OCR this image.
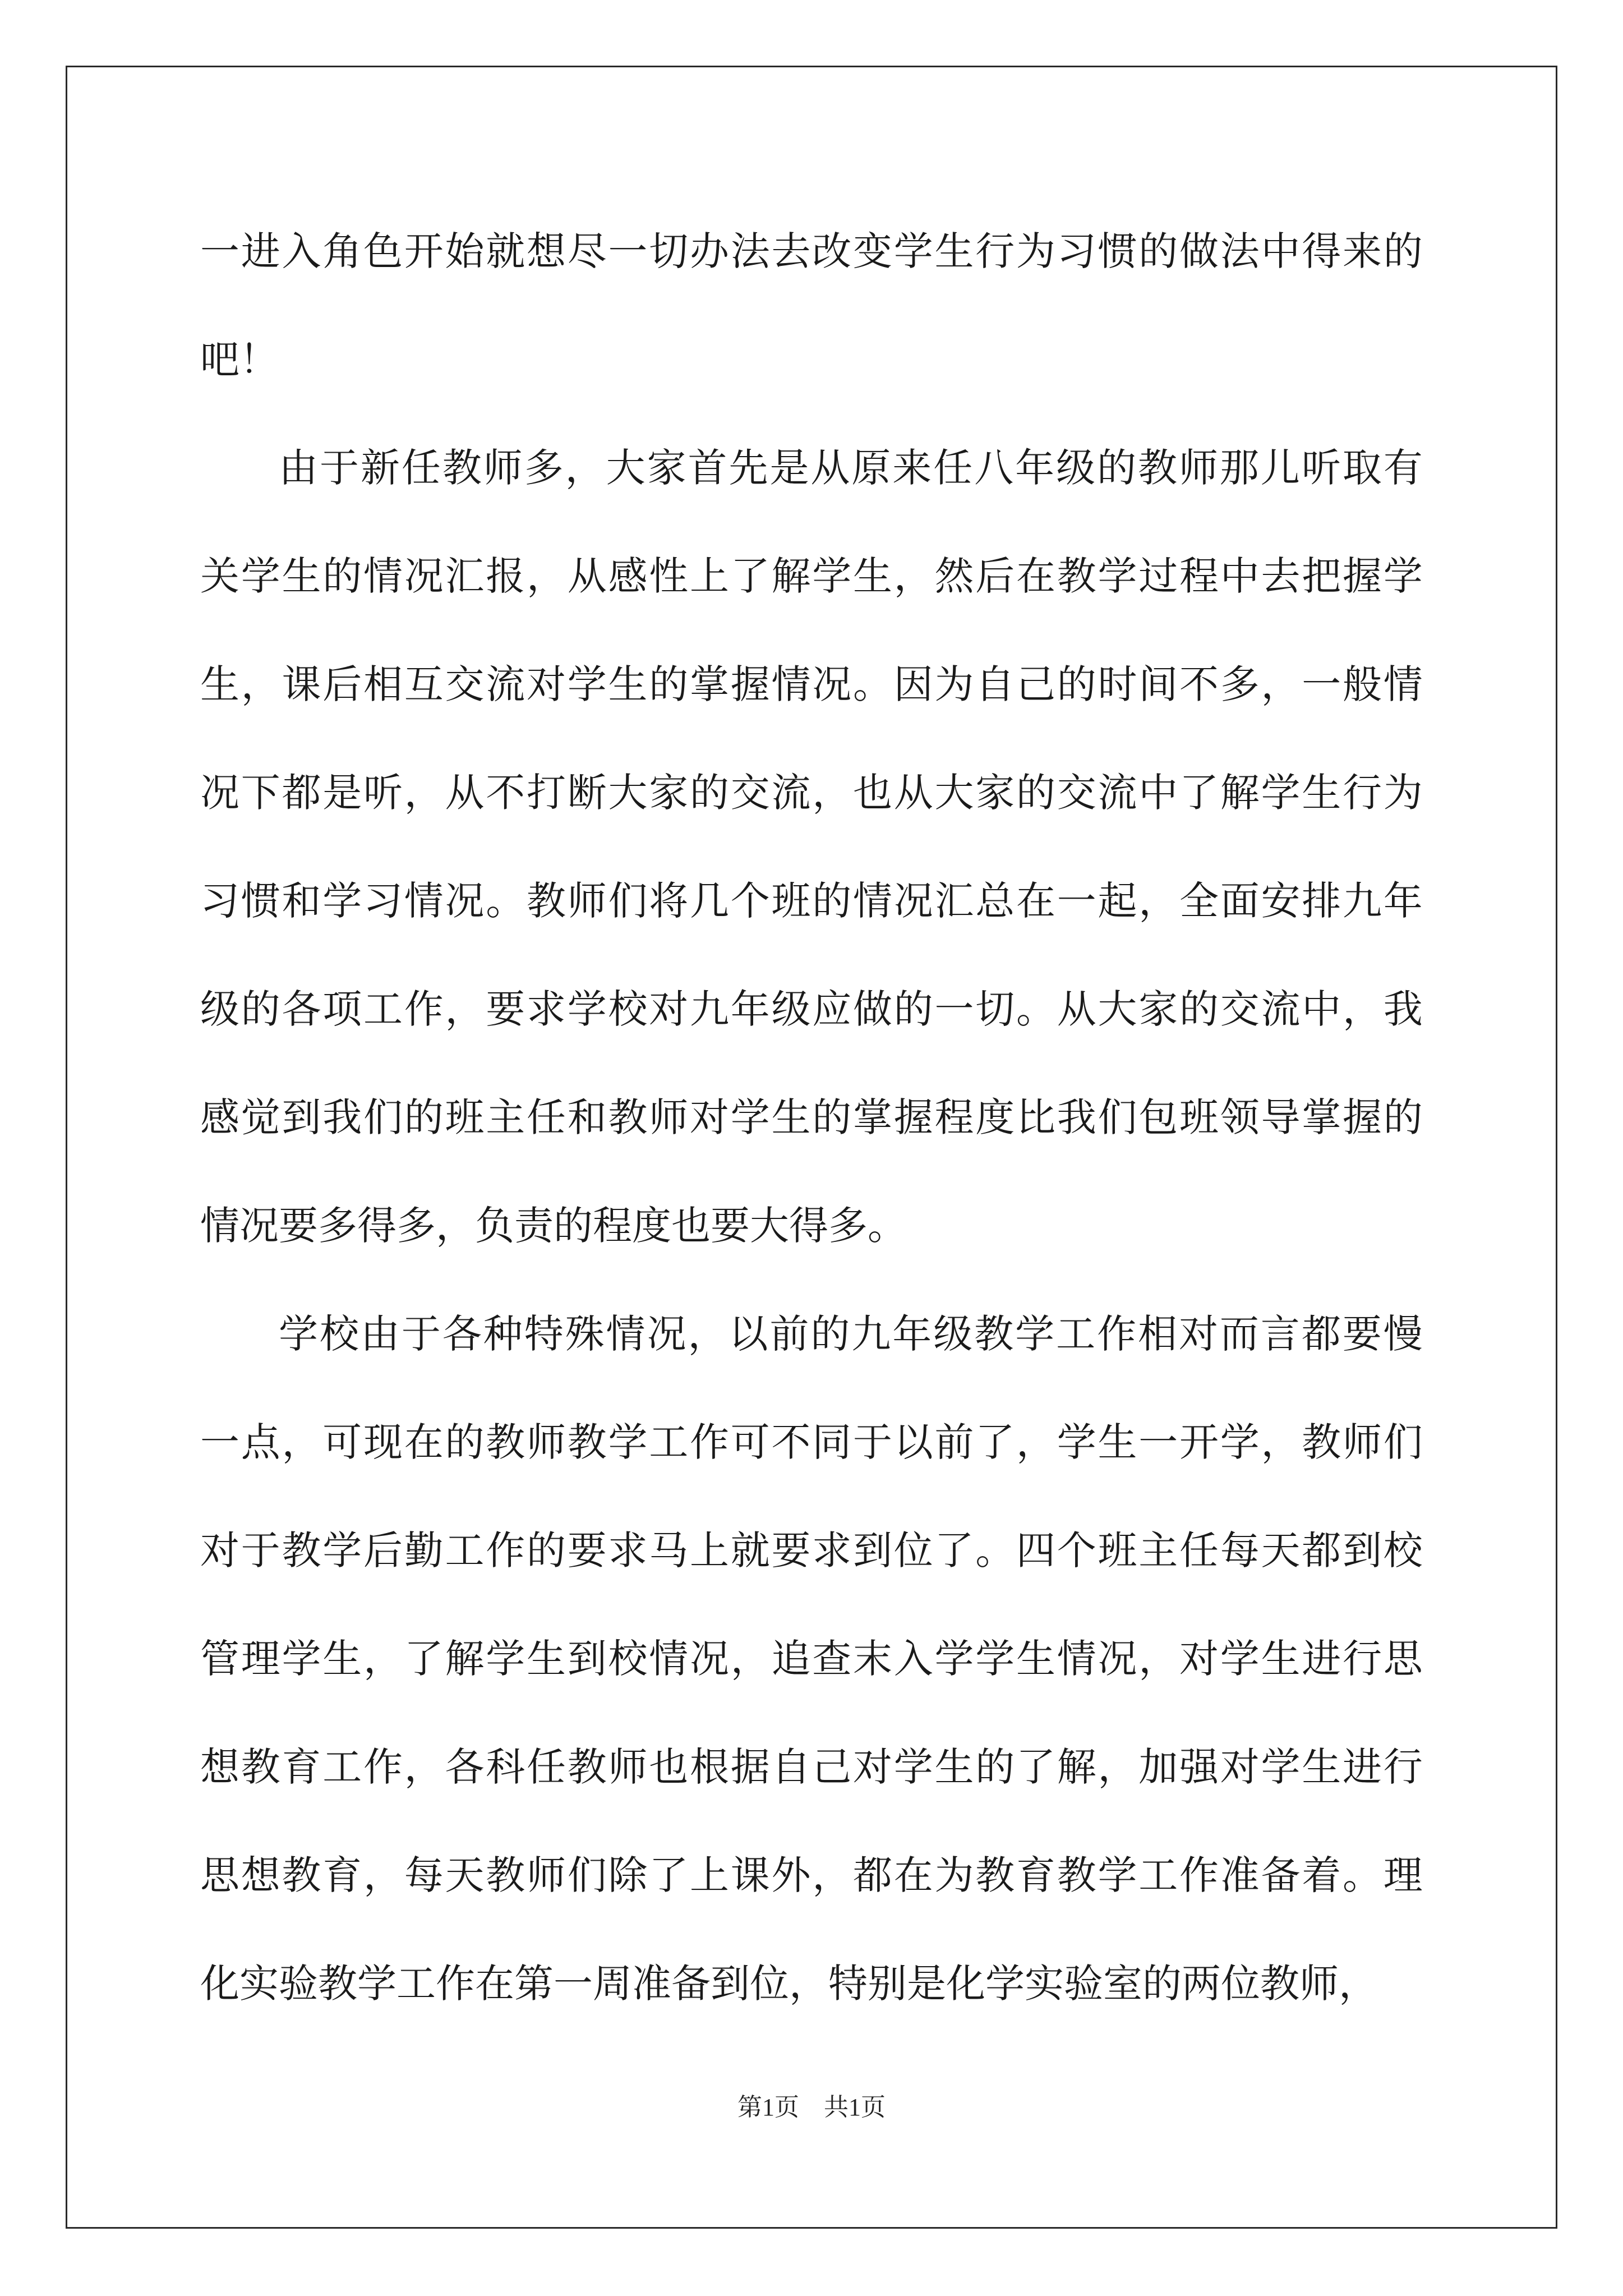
一 进 入 角 色 开 始 就 想 尽 一 切 办 法 去 改 变 学 生 行 为 习 惯 的 做 法 中 得 来 的
吧！
由 于 新 任 教 师 多 ， 大 家 首 先 是 从 原 来 任 八 年 级 的 教 师 那 儿 听 取 有
关 学 生 的 情 况 汇 报 ， 从 感 性 上 了 解 学 生 ， 然 后 在 教 学 过 程 中 去 把 握 学
生 ， 课 后 相 互 交 流 对 学 生 的 掌 握 情 况 。 因 为 自 己 的 时 间 不 多 ， 一 般 情
况 下 都 是 听 ， 从 不 打 断 大 家 的 交 流 ， 也 从 大 家 的 交 流 中 了 解 学 生 行 为
习 惯 和 学 习 情 况 。 教 师 们 将 几 个 班 的 情 况 汇 总 在 一 起 ， 全 面 安 排 九 年
级 的 各 项 工 作 ， 要 求 学 校 对 九 年 级 应 做 的 一 切 。 从 大 家 的 交 流 中 ， 我
感 觉 到 我 们 的 班 主 任 和 教 师 对 学 生 的 掌 握 程 度 比 我 们 包 班 领 导 掌 握 的
情况要多得多，负责的程度也要大得多。
学 校 由 于 各 种 特 殊 情 况 ， 以 前 的 九 年 级 教 学 工 作 相 对 而 言 都 要 慢
一 点 ， 可 现 在 的 教 师 教 学 工 作 可 不 同 于 以 前 了 ， 学 生 一 开 学 ， 教 师 们
对 于 教 学 后 勤 工 作 的 要 求 马 上 就 要 求 到 位 了 。 四 个 班 主 任 每 天 都 到 校
管 理 学 生 ， 了 解 学 生 到 校 情 况 ， 追 查 末 入 学 学 生 情 况 ， 对 学 生 进 行 思
想 教 育 工 作 ， 各 科 任 教 师 也 根 据 自 己 对 学 生 的 了 解 ， 加 强 对 学 生 进 行
思 想 教 育 ， 每 天 教 师 们 除 了 上 课 外 ， 都 在 为 教 育 教 学 工 作 准 备 着 。 理
化实验教学工作在第一周准备到位，特别是化学实验室的两位教师，
第1页　共1页
